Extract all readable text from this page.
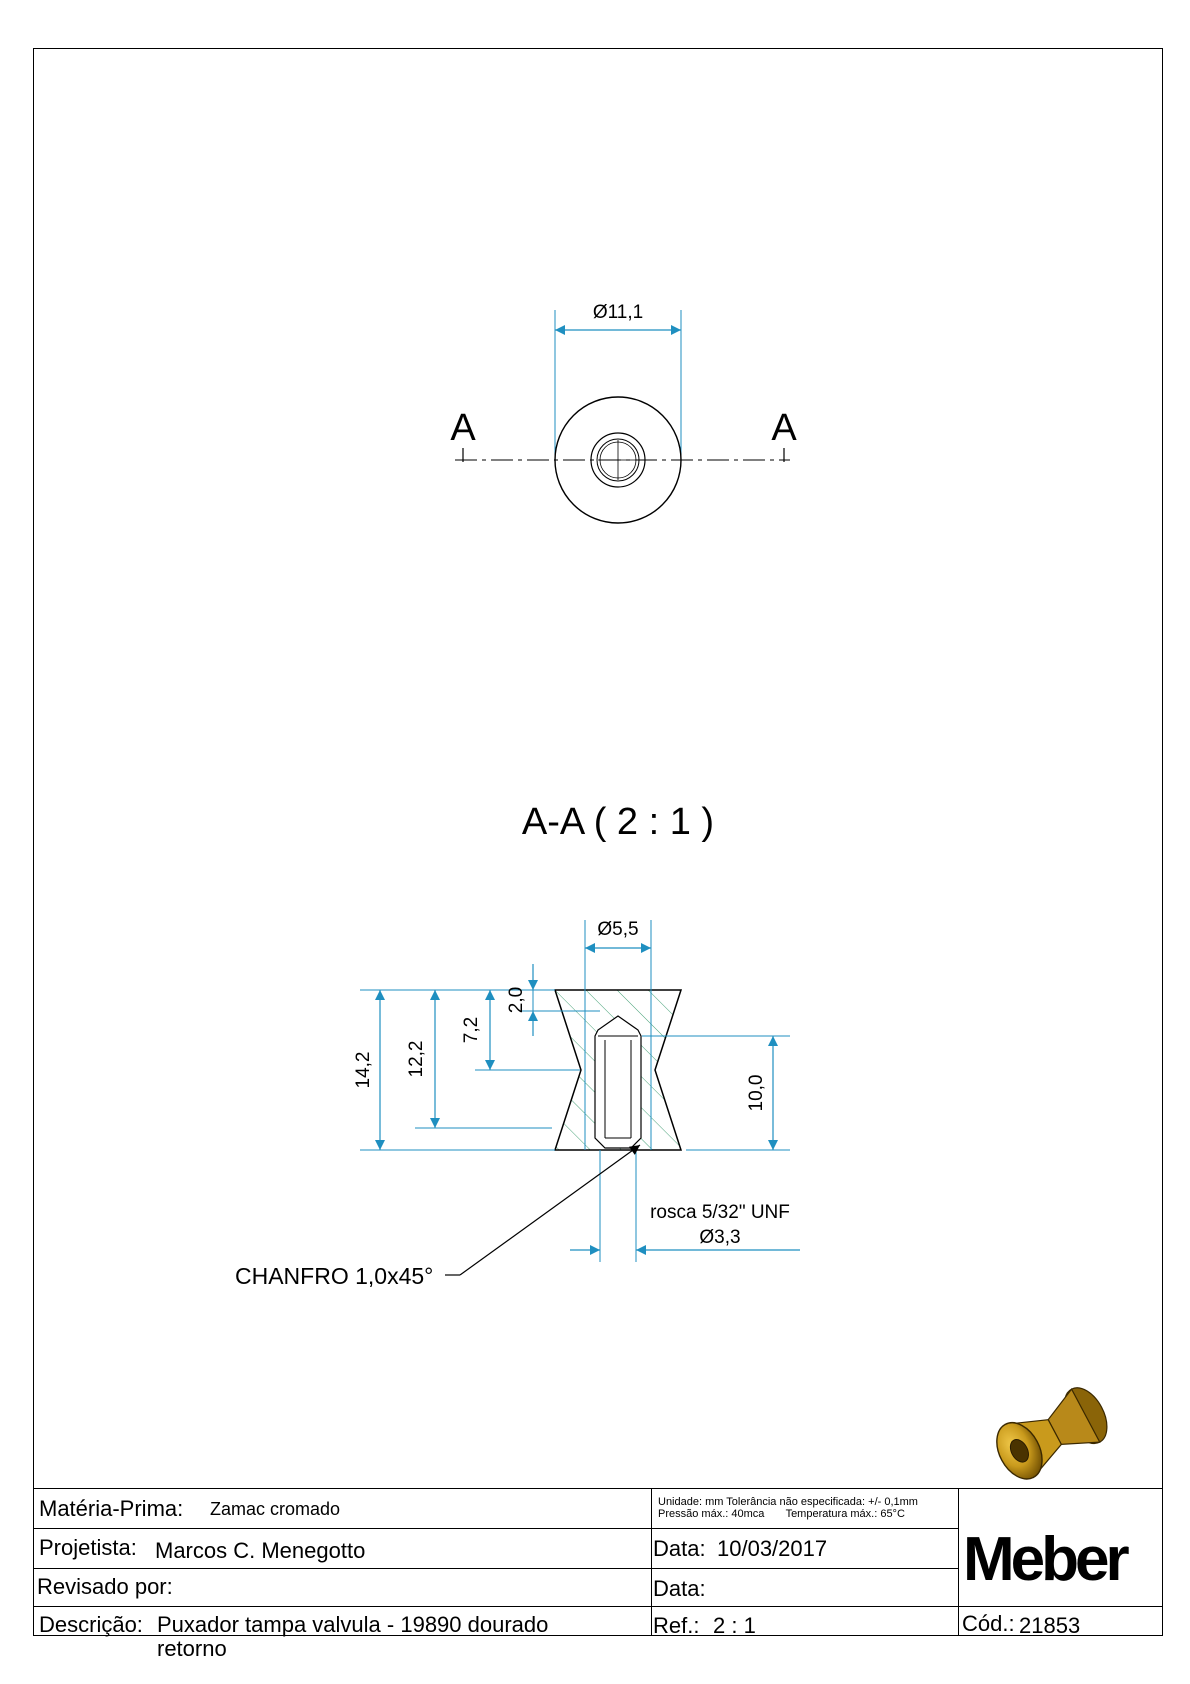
Ø11,1
A	A
A-A ( 2 : 1 )
Ø5,5
14,2 12,2
7,2
2,0
10,0
rosca 5/32" UNF
Ø3,3
CHANFRO 1,0x45°
Matéria-Prima: Zamac cromado	Unidade: mm Tolerância não especificada: +/- 0,1mm
Pressão máx.: 40mca       Temperatura máx.: 65°C
Projetista: Marcos C. Menegotto	Data: 10/03/2017
Revisado por:	Data:
Descrição: Puxador tampa valvula - 19890 dourado
retorno
Ref.: 2 : 1	Cód.: 21853
Meber
